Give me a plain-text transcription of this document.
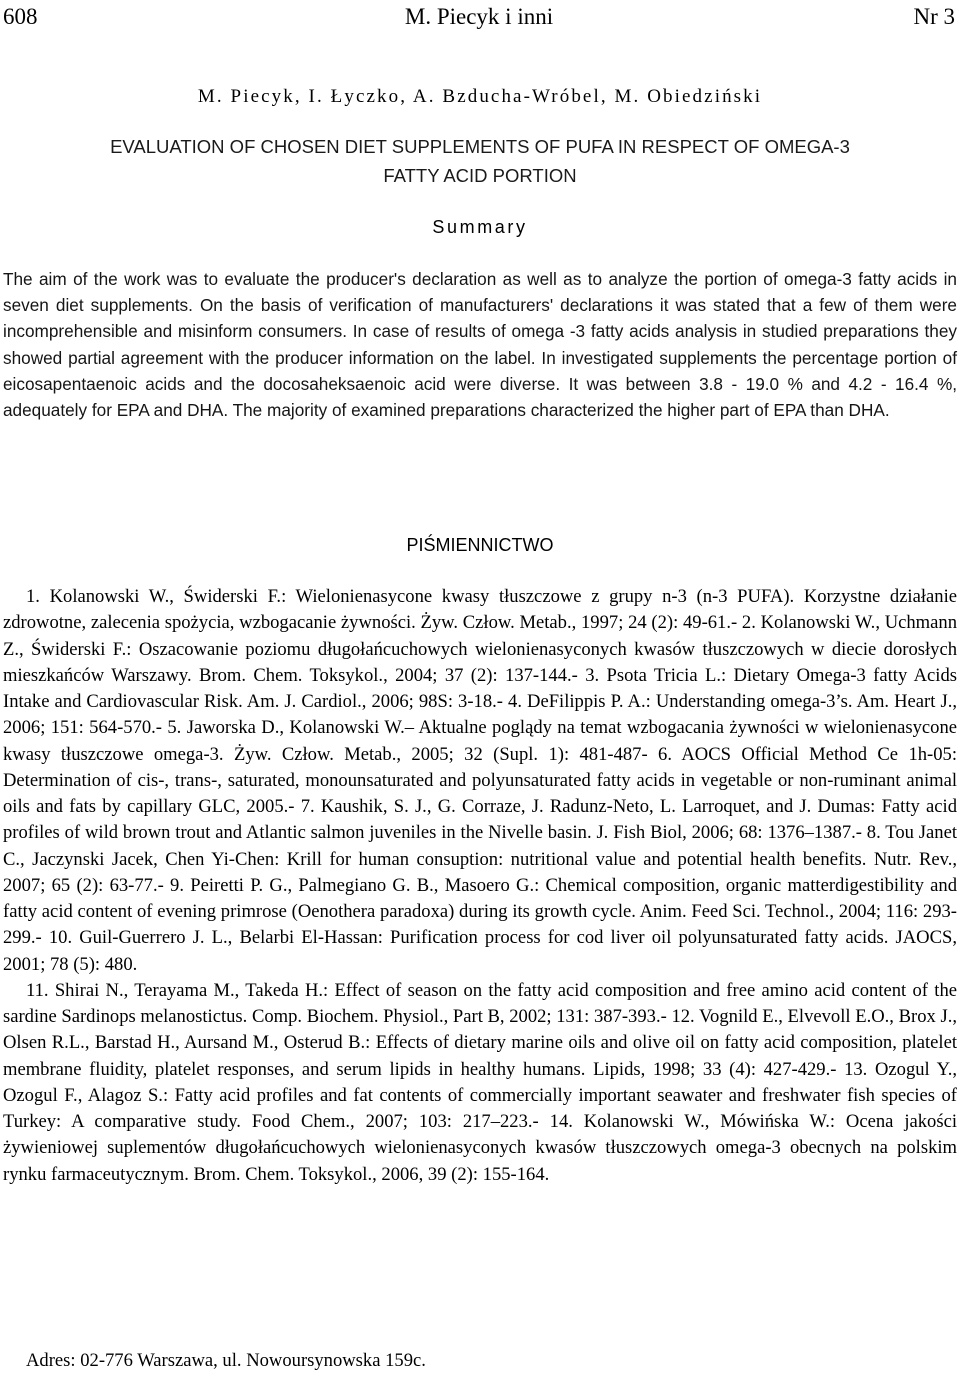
M. Piecyk i inni
608	Nr 3
M. Piecyk, I. Łyczko, A. Bzducha-Wróbel, M. Obiedziński
EVALUATION OF CHOSEN DIET SUPPLEMENTS OF PUFA IN RESPECT OF OMEGA-3
FATTY ACID PORTION
Summary

The aim of the work was to evaluate the producer's declaration as well as to analyze the portion of omega-3 fatty acids in seven diet supplements. On the basis of verification of manufacturers' declarations it was stated that a few of them were incomprehensible and misinform consumers. In case of results of omega -3 fatty acids analysis in studied preparations they showed partial agreement with the producer information on the label. In investigated supplements the percentage portion of eicosapentaenoic acids and the docosaheksaenoic acid were diverse. It was between 3.8 - 19.0 % and 4.2 - 16.4 %, adequately for EPA and DHA. The majority of examined preparations characterized the higher part of EPA than DHA.

PIŚMIENNICTWO

1. Kolanowski W., Świderski F.: Wielonienasycone kwasy tłuszczowe z grupy n-3 (n-3 PUFA). Korzystne działanie zdrowotne, zalecenia spożycia, wzbogacanie żywności. Żyw. Człow. Metab., 1997; 24 (2): 49-61.- 2. Kolanowski W., Uchmann Z., Świderski F.: Oszacowanie poziomu długołańcuchowych wielonienasyconych kwasów tłuszczowych w diecie dorosłych mieszkańców Warszawy. Brom. Chem. Toksykol., 2004; 37 (2): 137-144.- 3. Psota Tricia L.: Dietary Omega-3 fatty Acids Intake and Cardiovascular Risk. Am. J. Cardiol., 2006; 98S: 3-18.- 4. DeFilippis P. A.: Understanding omega-3’s. Am. Heart J., 2006; 151: 564-570.- 5. Jaworska D., Kolanowski W.– Aktualne poglądy na temat wzbogacania żywności w wielonienasycone kwasy tłuszczowe omega-3. Żyw. Człow. Metab., 2005; 32 (Supl. 1): 481-487- 6. AOCS Official Method Ce 1h-05: Determination of cis-, trans-, saturated, monounsaturated and polyunsaturated fatty acids in vegetable or non-ruminant animal oils and fats by capillary GLC, 2005.- 7. Kaushik, S. J., G. Corraze, J. Radunz-Neto, L. Larroquet, and J. Dumas: Fatty acid profiles of wild brown trout and Atlantic salmon juveniles in the Nivelle basin. J. Fish Biol, 2006; 68: 1376–1387.- 8. Tou Janet C., Jaczynski Jacek, Chen Yi-Chen: Krill for human consuption: nutritional value and potential health benefits. Nutr. Rev., 2007; 65 (2): 63-77.- 9. Peiretti P. G., Palmegiano G. B., Masoero G.: Chemical composition, organic matterdigestibility and fatty acid content of evening primrose (Oenothera paradoxa) during its growth cycle. Anim. Feed Sci. Technol., 2004; 116: 293-299.- 10. Guil-Guerrero J. L., Belarbi El-Hassan: Purification process for cod liver oil polyunsaturated fatty acids. JAOCS, 2001; 78 (5): 480.

11. Shirai N., Terayama M., Takeda H.: Effect of season on the fatty acid composition and free amino acid content of the sardine Sardinops melanostictus. Comp. Biochem. Physiol., Part B, 2002; 131: 387-393.- 12. Vognild E., Elvevoll E.O., Brox J., Olsen R.L., Barstad H., Aursand M., Osterud B.: Effects of dietary marine oils and olive oil on fatty acid composition, platelet membrane fluidity, platelet responses, and serum lipids in healthy humans. Lipids, 1998; 33 (4): 427-429.- 13. Ozogul Y., Ozogul F., Alagoz S.: Fatty acid profiles and fat contents of commercially important seawater and freshwater fish species of Turkey: A comparative study. Food Chem., 2007; 103: 217–223.- 14. Kolanowski W., Mówińska W.: Ocena jakości żywieniowej suplementów długołańcuchowych wielonienasyconych kwasów tłuszczowych omega-3 obecnych na polskim rynku farmaceutycznym. Brom. Chem. Toksykol., 2006, 39 (2): 155-164.

Adres: 02-776 Warszawa, ul. Nowoursynowska 159c.
